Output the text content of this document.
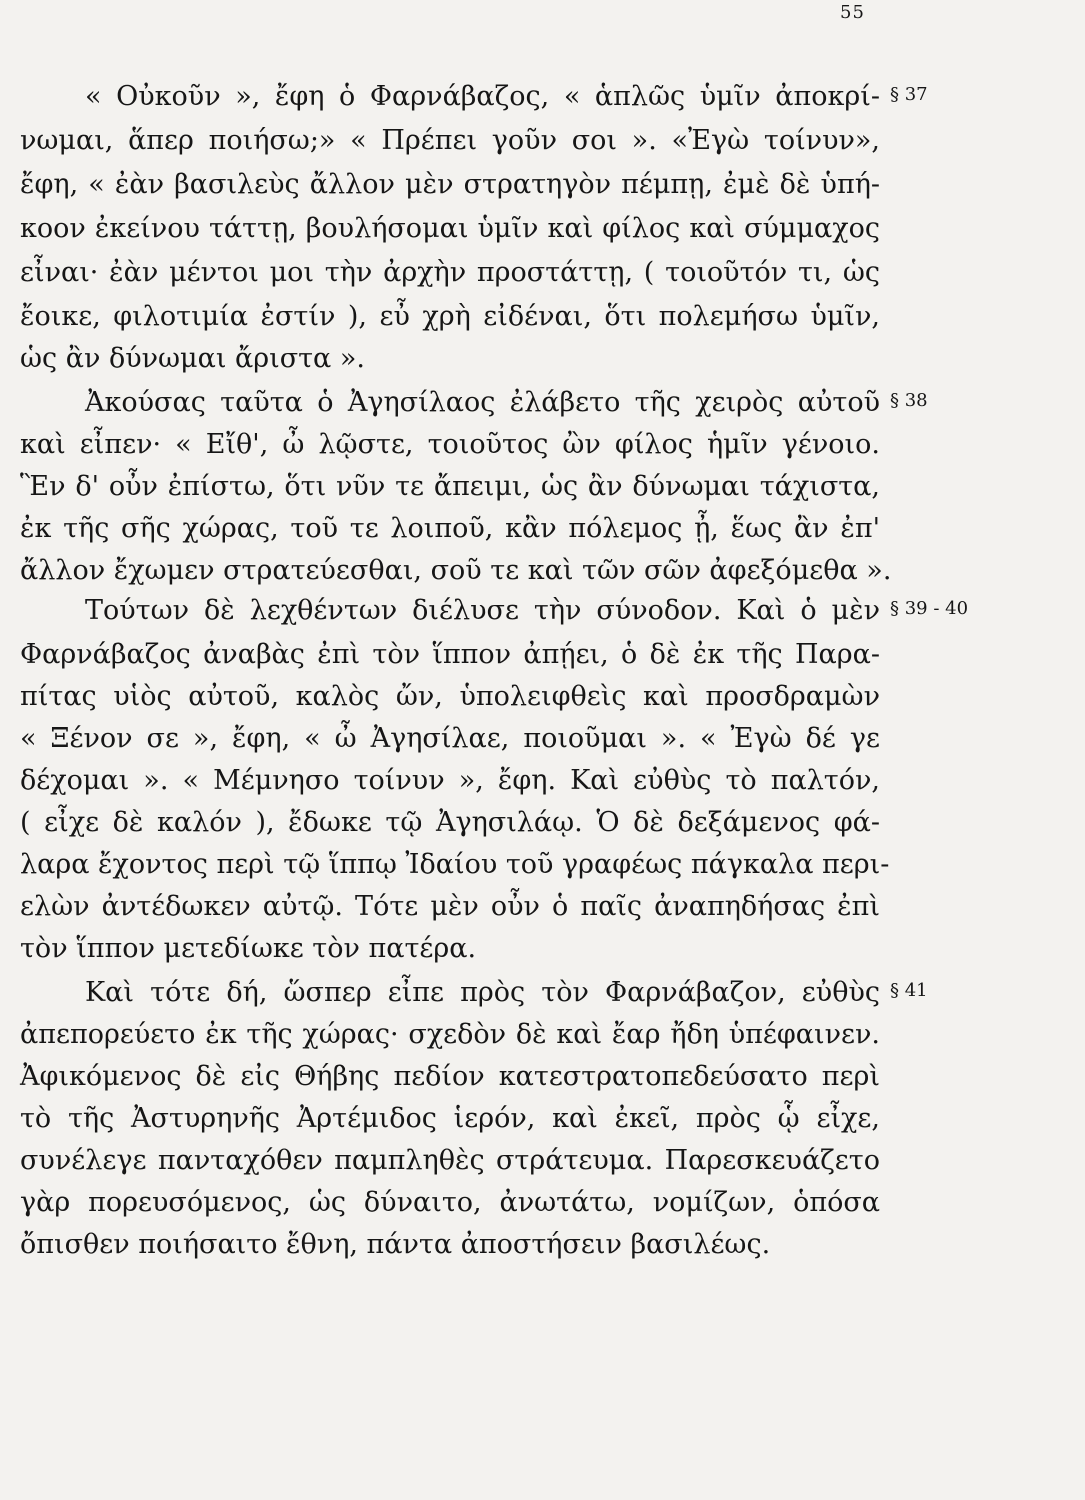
55
« Οὐκοῦν », ἔφη ὁ Φαρνάβαζος, « ἁπλῶς ὑμῖν ἀποκρί-
νωμαι, ἅπερ ποιήσω;» « Πρέπει γοῦν σοι ». «Ἐγὼ τοίνυν»,
ἔφη, « ἐὰν βασιλεὺς ἄλλον μὲν στρατηγὸν πέμπῃ, ἐμὲ δὲ ὑπή-
κοον ἐκείνου τάττῃ, βουλήσομαι ὑμῖν καὶ φίλος καὶ σύμμαχος
εἶναι· ἐὰν μέντοι μοι τὴν ἀρχὴν προστάττῃ, ( τοιοῦτόν τι, ὡς
ἔοικε, φιλοτιμία ἐστίν ), εὖ χρὴ εἰδέναι, ὅτι πολεμήσω ὑμῖν,
ὡς ἂν δύνωμαι ἄριστα ».
Ἀκούσας ταῦτα ὁ Ἀγησίλαος ἐλάβετο τῆς χειρὸς αὐτοῦ
καὶ εἶπεν· « Εἴθ', ὦ λῷστε, τοιοῦτος ὢν φίλος ἡμῖν γένοιο.
Ἓν δ' οὖν ἐπίστω, ὅτι νῦν τε ἄπειμι, ὡς ἂν δύνωμαι τάχιστα,
ἐκ τῆς σῆς χώρας, τοῦ τε λοιποῦ, κἂν πόλεμος ᾖ, ἕως ἂν ἐπ'
ἄλλον ἔχωμεν στρατεύεσθαι, σοῦ τε καὶ τῶν σῶν ἀφεξόμεθα ».
Τούτων δὲ λεχθέντων διέλυσε τὴν σύνοδον. Καὶ ὁ μὲν
Φαρνάβαζος ἀναβὰς ἐπὶ τὸν ἵππον ἀπῄει, ὁ δὲ ἐκ τῆς Παρα-
πίτας υἱὸς αὐτοῦ, καλὸς ὤν, ὑπολειφθεὶς καὶ προσδραμὼν
« Ξένον σε », ἔφη, « ὦ Ἀγησίλαε, ποιοῦμαι ». « Ἐγὼ δέ γε
δέχομαι ». « Μέμνησο τοίνυν », ἔφη. Καὶ εὐθὺς τὸ παλτόν,
( εἶχε δὲ καλόν ), ἔδωκε τῷ Ἀγησιλάῳ. Ὁ δὲ δεξάμενος φά-
λαρα ἔχοντος περὶ τῷ ἵππῳ Ἰδαίου τοῦ γραφέως πάγκαλα περι-
ελὼν ἀντέδωκεν αὐτῷ. Τότε μὲν οὖν ὁ παῖς ἀναπηδήσας ἐπὶ
τὸν ἵππον μετεδίωκε τὸν πατέρα.
Καὶ τότε δή, ὥσπερ εἶπε πρὸς τὸν Φαρνάβαζον, εὐθὺς
ἀπεπορεύετο ἐκ τῆς χώρας· σχεδὸν δὲ καὶ ἔαρ ἤδη ὑπέφαινεν.
Ἀφικόμενος δὲ εἰς Θήβης πεδίον κατεστρατοπεδεύσατο περὶ
τὸ τῆς Ἀστυρηνῆς Ἀρτέμιδος ἱερόν, καὶ ἐκεῖ, πρὸς ᾧ εἶχε,
συνέλεγε πανταχόθεν παμπληθὲς στράτευμα. Παρεσκευάζετο
γὰρ πορευσόμενος, ὡς δύναιτο, ἀνωτάτω, νομίζων, ὁπόσα
ὄπισθεν ποιήσαιτο ἔθνη, πάντα ἀποστήσειν βασιλέως.
§ 37
§ 38
§ 39 - 40
§ 41
